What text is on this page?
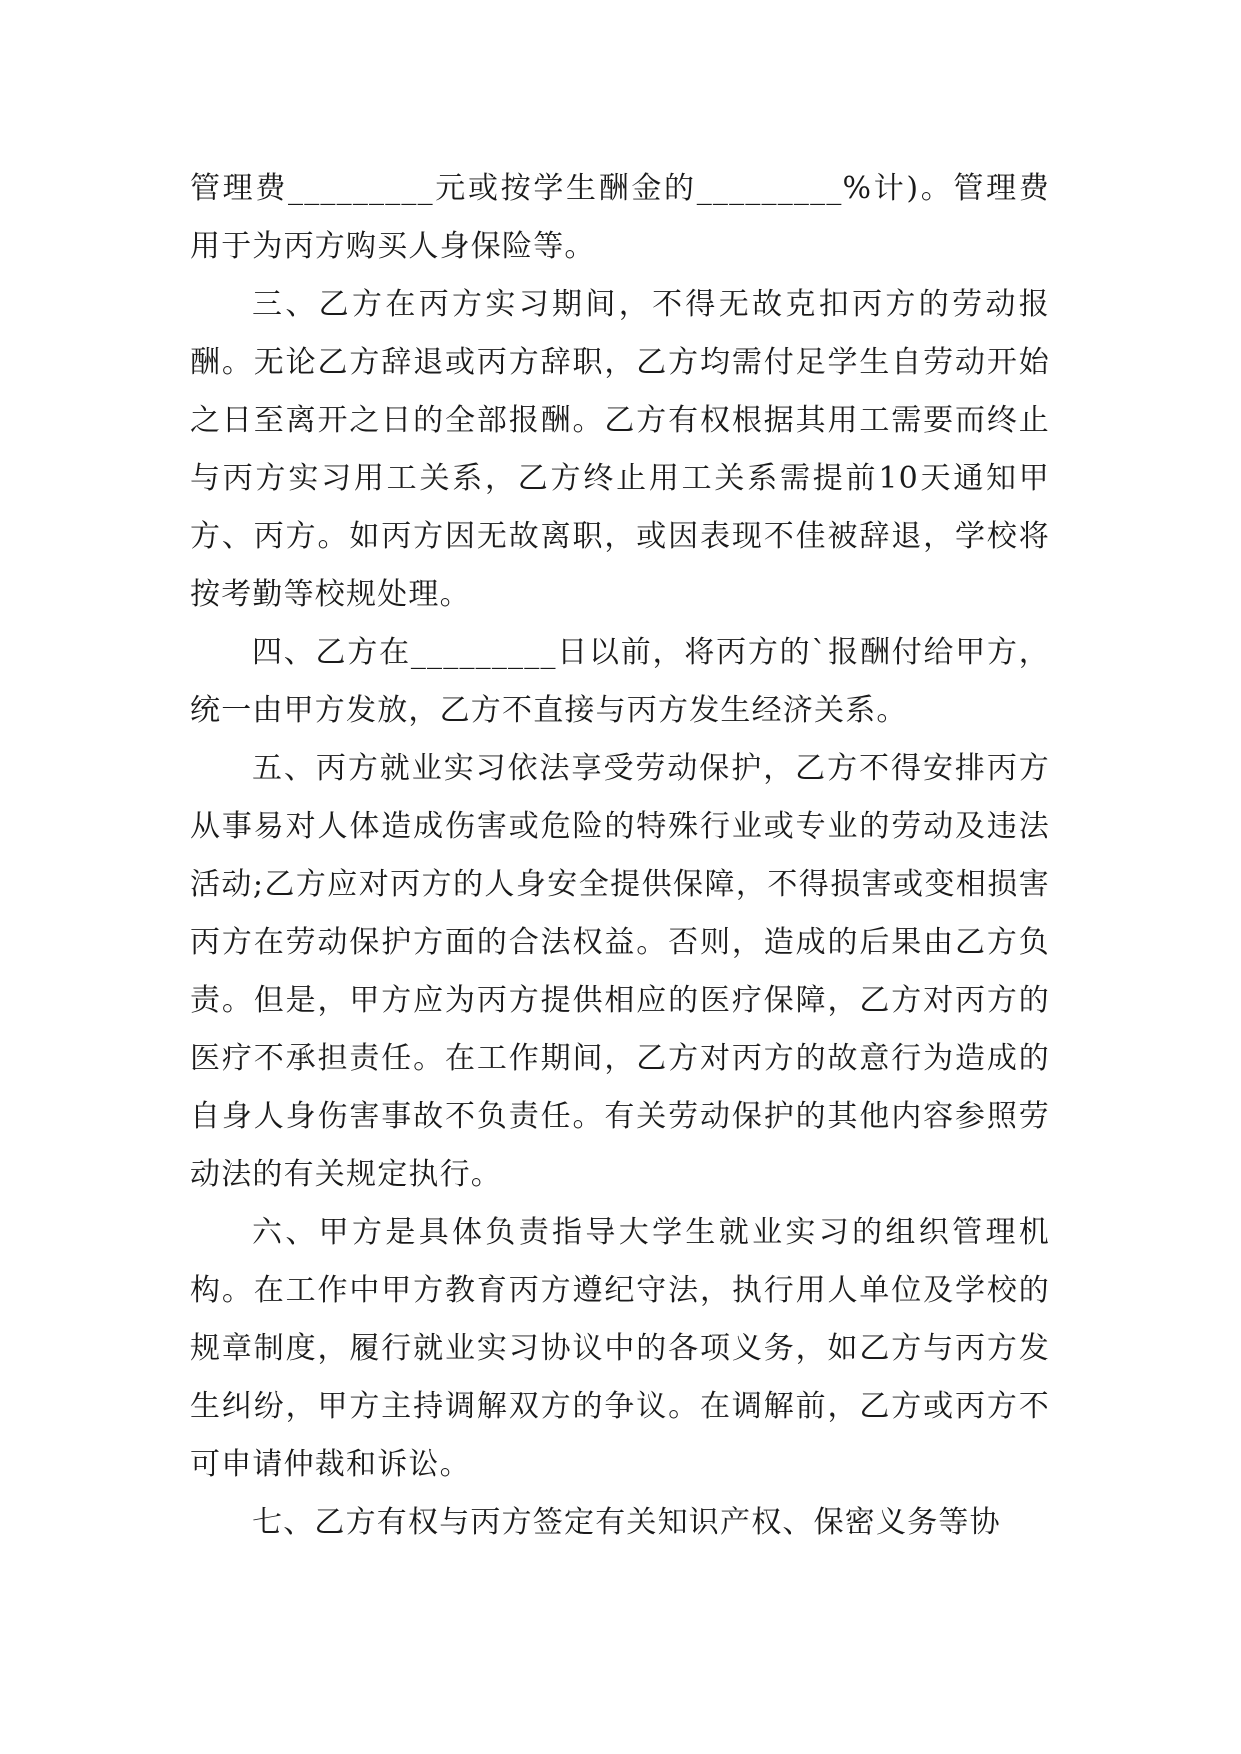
管理费_________元或按学生酬金的_________%计)。管理费用于为丙方购买人身保险等。

三、乙方在丙方实习期间，不得无故克扣丙方的劳动报酬。无论乙方辞退或丙方辞职，乙方均需付足学生自劳动开始之日至离开之日的全部报酬。乙方有权根据其用工需要而终止与丙方实习用工关系，乙方终止用工关系需提前10天通知甲方、丙方。如丙方因无故离职，或因表现不佳被辞退，学校将按考勤等校规处理。

四、乙方在_________日以前，将丙方的`报酬付给甲方，统一由甲方发放，乙方不直接与丙方发生经济关系。

五、丙方就业实习依法享受劳动保护，乙方不得安排丙方从事易对人体造成伤害或危险的特殊行业或专业的劳动及违法活动;乙方应对丙方的人身安全提供保障，不得损害或变相损害丙方在劳动保护方面的合法权益。否则，造成的后果由乙方负责。但是，甲方应为丙方提供相应的医疗保障，乙方对丙方的医疗不承担责任。在工作期间，乙方对丙方的故意行为造成的自身人身伤害事故不负责任。有关劳动保护的其他内容参照劳动法的有关规定执行。

六、甲方是具体负责指导大学生就业实习的组织管理机构。在工作中甲方教育丙方遵纪守法，执行用人单位及学校的规章制度，履行就业实习协议中的各项义务，如乙方与丙方发生纠纷，甲方主持调解双方的争议。在调解前，乙方或丙方不可申请仲裁和诉讼。

七、乙方有权与丙方签定有关知识产权、保密义务等协
